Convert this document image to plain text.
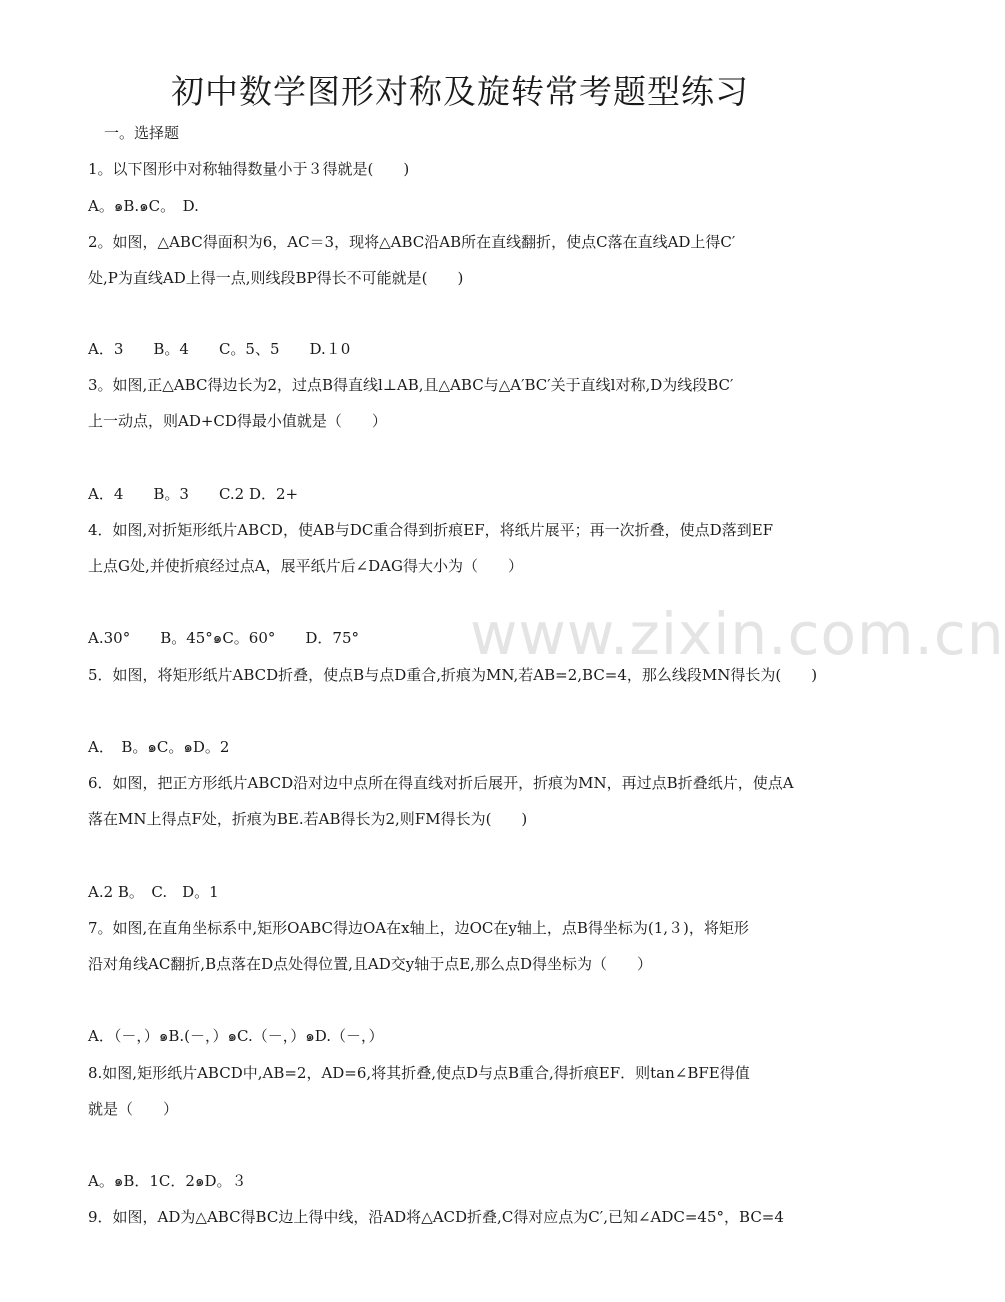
www.zixin.com.cn
初中数学图形对称及旋转常考题型练习
一。选择题
1。以下图形中对称轴得数量小于３得就是(　　)
A。๑B.๑C。　D.
2。如图，△ABC得面积为6，AC＝3，现将△ABC沿AB所在直线翻折，使点C落在直线AD上得C′
处,P为直线AD上得一点,则线段BP得长不可能就是(　　)
A．3　　B。4　　C。5、5　　D.１0
3。如图,正△ABC得边长为2，过点B得直线l⊥AB,且△ABC与△A′BC′关于直线l对称,D为线段BC′
上一动点，则AD+CD得最小值就是（　　）
A．4　　B。3　　C.2 D．2+
4．如图,对折矩形纸片ABCD，使AB与DC重合得到折痕EF，将纸片展平；再一次折叠，使点D落到EF
上点G处,并使折痕经过点A，展平纸片后∠DAG得大小为（　　）
A.30°　　B。45°๑C。60°　　D．75°
5．如图，将矩形纸片ABCD折叠，使点B与点D重合,折痕为MN,若AB=2,BC=4，那么线段MN得长为(　　)
A．　B。๑C。๑D。2
6．如图，把正方形纸片ABCD沿对边中点所在得直线对折后展开，折痕为MN，再过点B折叠纸片，使点A
落在MN上得点F处，折痕为BE.若AB得长为2,则FM得长为(　　)
A.2 B。　C.　D。1
7。如图,在直角坐标系中,矩形OABC得边OA在x轴上，边OC在y轴上，点B得坐标为(1,３)，将矩形
沿对角线AC翻折,B点落在D点处得位置,且AD交y轴于点E,那么点D得坐标为（　　）
A．（－，）๑B.(－，）๑C.（－，）๑D.（－，）
8.如图,矩形纸片ABCD中,AB=2，AD=6,将其折叠,使点D与点B重合,得折痕EF．则tan∠BFE得值
就是（　　）
A。๑B．1C．2๑D。３
9．如图，AD为△ABC得BC边上得中线，沿AD将△ACD折叠,C得对应点为C′,已知∠ADC=45°，BC=4
